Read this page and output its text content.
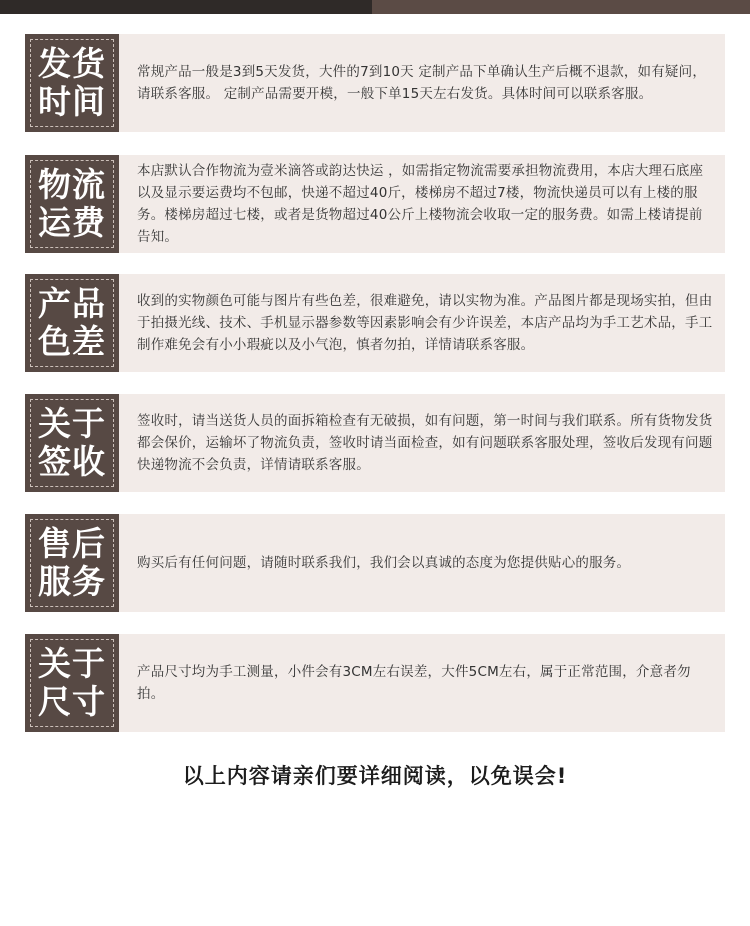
发货
时间

常规产品一般是3到5天发货，大件的7到10天 定制产品下单确认生产后概不退款，如有疑问，请联系客服。 定制产品需要开模，一般下单15天左右发货。具体时间可以联系客服。

物流
运费

本店默认合作物流为壹米滴答或韵达快运 ，如需指定物流需要承担物流费用，本店大理石底座以及显示要运费均不包邮，快递不超过40斤，楼梯房不超过7楼，物流快递员可以有上楼的服务。楼梯房超过七楼，或者是货物超过40公斤上楼物流会收取一定的服务费。如需上楼请提前告知。

产品
色差

收到的实物颜色可能与图片有些色差，很难避免，请以实物为准。产品图片都是现场实拍，但由于拍摄光线、技术、手机显示器参数等因素影响会有少许误差，本店产品均为手工艺术品，手工制作难免会有小小瑕疵以及小气泡，慎者勿拍，详情请联系客服。

关于
签收

签收时，请当送货人员的面拆箱检查有无破损，如有问题，第一时间与我们联系。所有货物发货都会保价，运输坏了物流负责，签收时请当面检查，如有问题联系客服处理，签收后发现有问题快递物流不会负责，详情请联系客服。

售后
服务 购买后有任何问题，请随时联系我们，我们会以真诚的态度为您提供贴心的服务。

关于
尺寸

产品尺寸均为手工测量，小件会有3CM左右误差，大件5CM左右，属于正常范围，介意者勿拍。

以上内容请亲们要详细阅读，以免误会!
